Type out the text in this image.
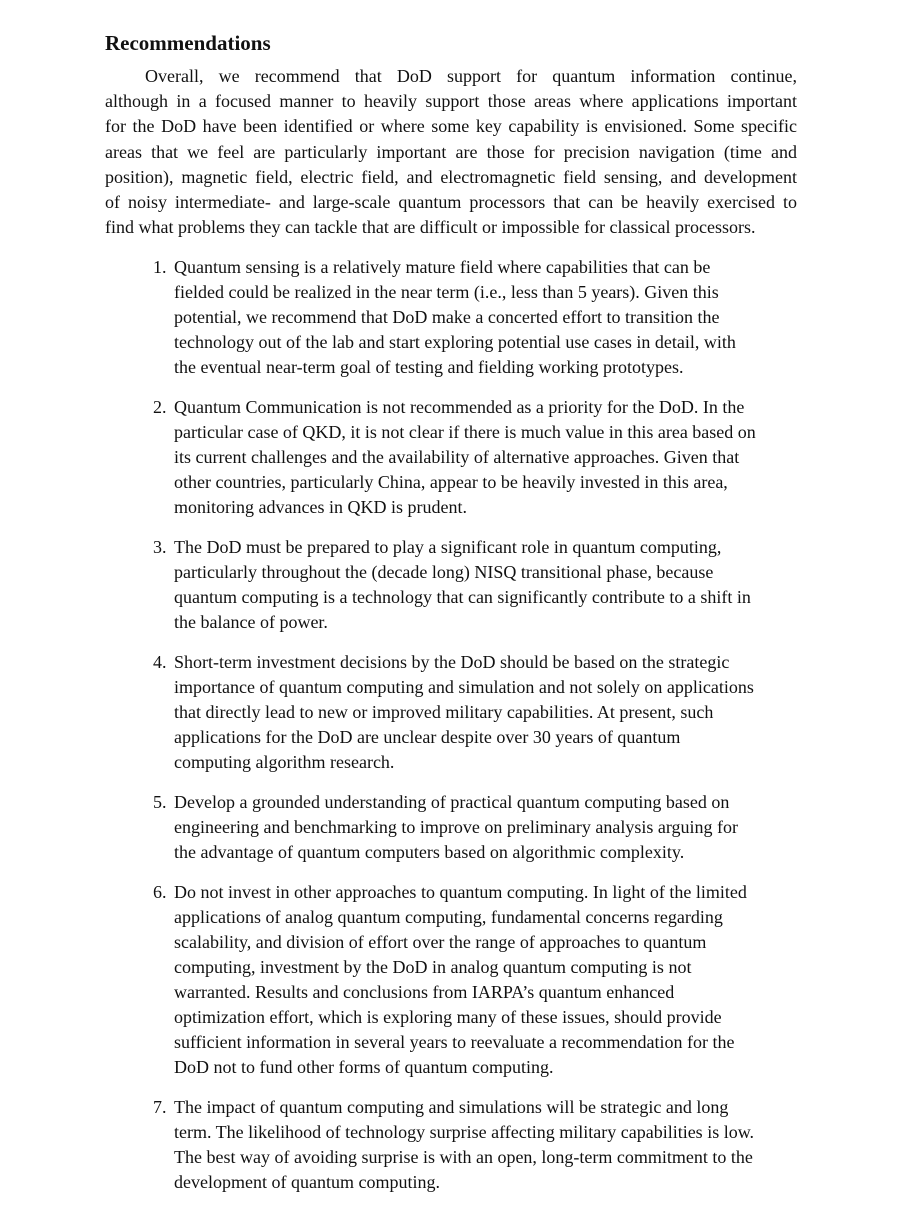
Recommendations
Overall, we recommend that DoD support for quantum information continue,
although in a focused manner to heavily support those areas where applications important
for the DoD have been identified or where some key capability is envisioned. Some specific
areas that we feel are particularly important are those for precision navigation (time and
position), magnetic field, electric field, and electromagnetic field sensing, and development
of noisy intermediate- and large-scale quantum processors that can be heavily exercised to
find what problems they can tackle that are difficult or impossible for classical processors.
1. Quantum sensing is a relatively mature field where capabilities that can be
fielded could be realized in the near term (i.e., less than 5 years). Given this
potential, we recommend that DoD make a concerted effort to transition the
technology out of the lab and start exploring potential use cases in detail, with
the eventual near-term goal of testing and fielding working prototypes.
2. Quantum Communication is not recommended as a priority for the DoD. In the
particular case of QKD, it is not clear if there is much value in this area based on
its current challenges and the availability of alternative approaches. Given that
other countries, particularly China, appear to be heavily invested in this area,
monitoring advances in QKD is prudent.
3. The DoD must be prepared to play a significant role in quantum computing,
particularly throughout the (decade long) NISQ transitional phase, because
quantum computing is a technology that can significantly contribute to a shift in
the balance of power.
4. Short-term investment decisions by the DoD should be based on the strategic
importance of quantum computing and simulation and not solely on applications
that directly lead to new or improved military capabilities. At present, such
applications for the DoD are unclear despite over 30 years of quantum
computing algorithm research.
5. Develop a grounded understanding of practical quantum computing based on
engineering and benchmarking to improve on preliminary analysis arguing for
the advantage of quantum computers based on algorithmic complexity.
6. Do not invest in other approaches to quantum computing. In light of the limited
applications of analog quantum computing, fundamental concerns regarding
scalability, and division of effort over the range of approaches to quantum
computing, investment by the DoD in analog quantum computing is not
warranted. Results and conclusions from IARPA’s quantum enhanced
optimization effort, which is exploring many of these issues, should provide
sufficient information in several years to reevaluate a recommendation for the
DoD not to fund other forms of quantum computing.
7. The impact of quantum computing and simulations will be strategic and long
term. The likelihood of technology surprise affecting military capabilities is low.
The best way of avoiding surprise is with an open, long-term commitment to the
development of quantum computing.
